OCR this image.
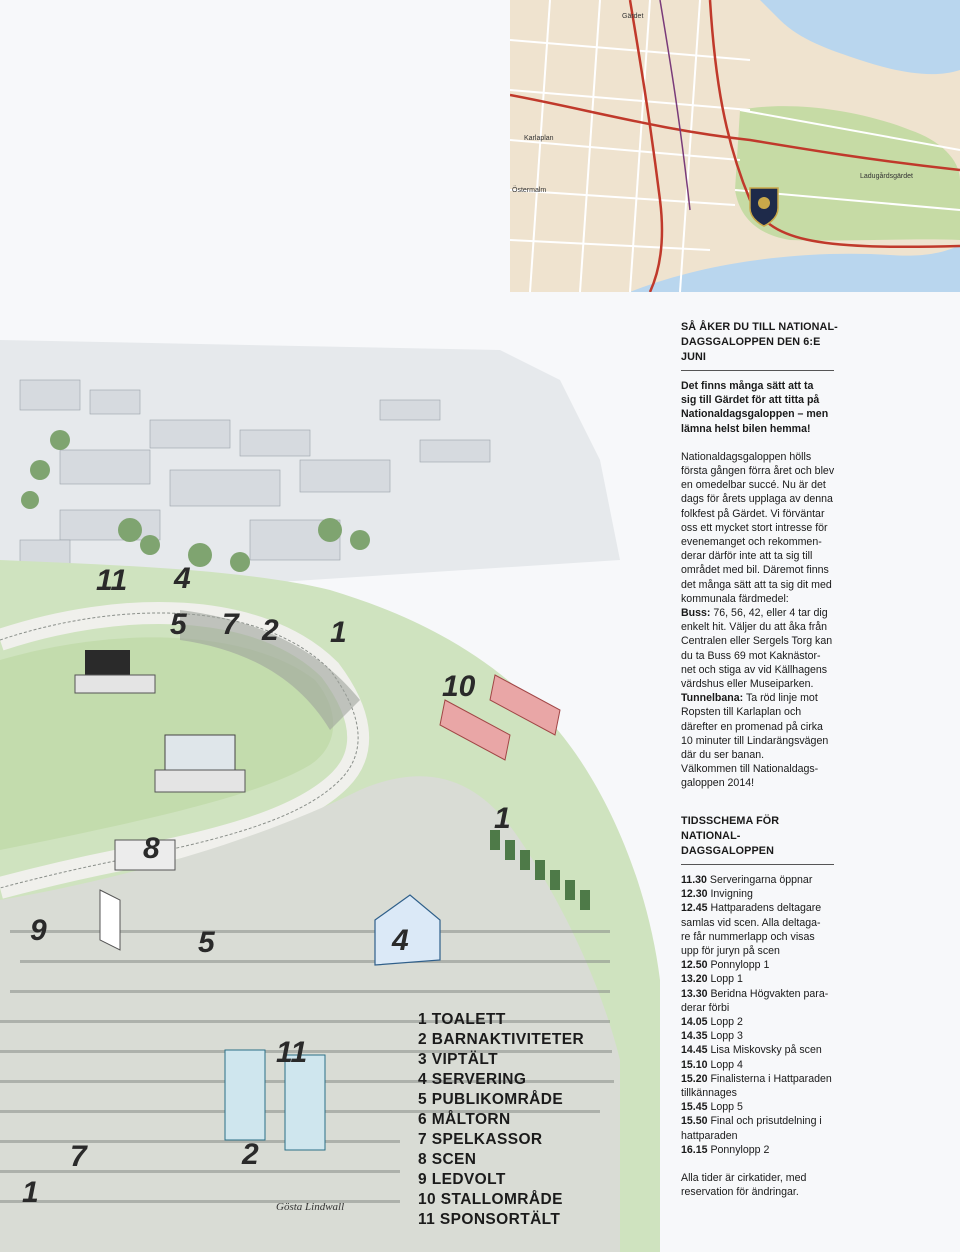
Gärdet
Karlaplan
Östermalm
Ladugårdsgärdet
11 4
5 7 2 1
10
8
9	5	4
11
2
7
1
1
1 TOALETT
2 BARNAKTIVITETER
3 VIPTÄLT
4 SERVERING
5 PUBLIKOMRÅDE
6 MÅLTORN
7 SPELKASSOR
8 SCEN
9 LEDVOLT
10 STALLOMRÅDE
11 SPONSORTÄLT
Gösta Lindwall

SÅ ÅKER DU TILL NATIONAL-
DAGSGALOPPEN DEN 6:E JUNI

Det finns många sätt att ta
sig till Gärdet för att titta på
Nationaldagsgaloppen – men
lämna helst bilen hemma!

Nationaldagsgaloppen hölls
första gången förra året och blev
en omedelbar succé. Nu är det
dags för årets upplaga av denna
folkfest på Gärdet. Vi förväntar
oss ett mycket stort intresse för
evenemanget och rekommen-
derar därför inte att ta sig till
området med bil. Däremot finns
det många sätt att ta sig dit med
kommunala färdmedel:
Buss: 76, 56, 42, eller 4 tar dig
enkelt hit. Väljer du att åka från
Centralen eller Sergels Torg kan
du ta Buss 69 mot Kaknästor-
net och stiga av vid Källhagens
värdshus eller Museiparken.
Tunnelbana: Ta röd linje mot
Ropsten till Karlaplan och
därefter en promenad på cirka
10 minuter till Lindarängsvägen
där du ser banan.
Välkommen till Nationaldags-
galoppen 2014!

TIDSSCHEMA FÖR NATIONAL-
DAGSGALOPPEN

11.30 Serveringarna öppnar

12.30 Invigning

12.45 Hattparadens deltagare
samlas vid scen. Alla deltaga-
re får nummerlapp och visas
upp för juryn på scen

12.50 Ponnylopp 1

13.20 Lopp 1

13.30 Beridna Högvakten para-
derar förbi

14.05 Lopp 2

14.35 Lopp 3

14.45 Lisa Miskovsky på scen

15.10 Lopp 4

15.20 Finalisterna i Hattparaden
tillkännages

15.45 Lopp 5

15.50 Final och prisutdelning i
hattparaden

16.15 Ponnylopp 2

Alla tider är cirkatider, med
reservation för ändringar.
